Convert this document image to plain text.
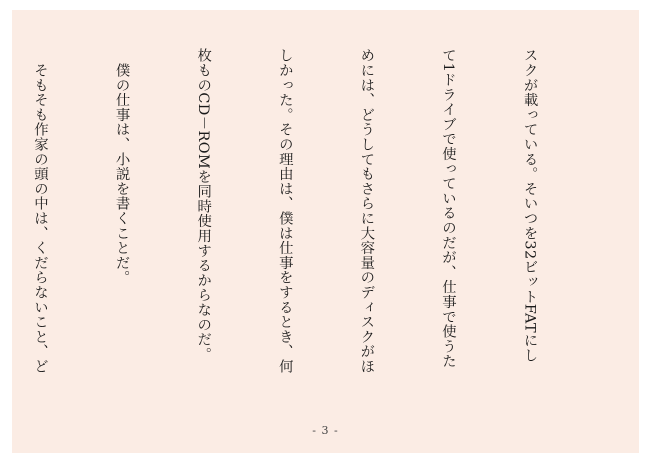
スクが載っている。そいつを32ビットFATにし

て1ドライブで使っているのだが、仕事で使うた

めには、どうしてもさらに大容量のディスクがほ

しかった。その理由は、僕は仕事をするとき、何

枚ものCD－ROMを同時使用するからなのだ。

　僕の仕事は、小説を書くことだ。

　そもそも作家の頭の中は、くだらないこと、ど

- 3 -
